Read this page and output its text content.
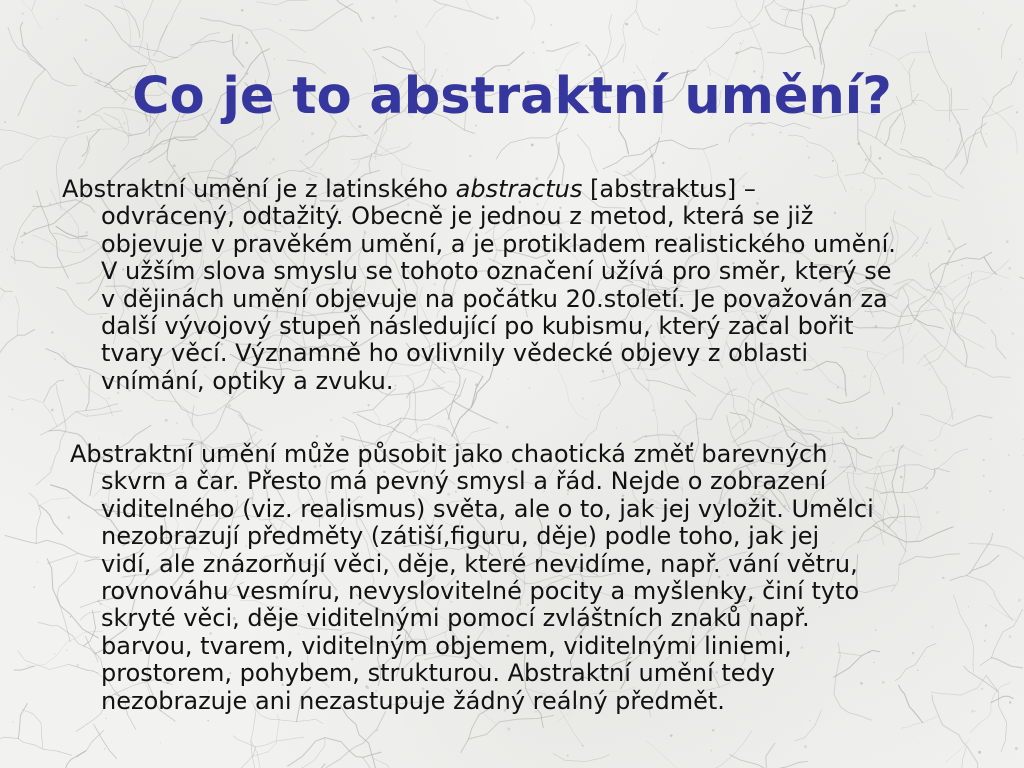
Co je to abstraktní umění?
Abstraktní umění je z latinského abstractus [abstraktus] –
odvrácený, odtažitý. Obecně je jednou z metod, která se již
objevuje v pravěkém umění, a je protikladem realistického umění.
V užším slova smyslu se tohoto označení užívá pro směr, který se
v dějinách umění objevuje na počátku 20.století. Je považován za
další vývojový stupeň následující po kubismu, který začal bořit
tvary věcí. Významně ho ovlivnily vědecké objevy z oblasti
vnímání, optiky a zvuku.
Abstraktní umění může působit jako chaotická změť barevných
skvrn a čar. Přesto má pevný smysl a řád. Nejde o zobrazení
viditelného (viz. realismus) světa, ale o to, jak jej vyložit. Umělci
nezobrazují předměty (zátiší,figuru, děje) podle toho, jak jej
vidí, ale znázorňují věci, děje, které nevidíme, např. vání větru,
rovnováhu vesmíru, nevyslovitelné pocity a myšlenky, činí tyto
skryté věci, děje viditelnými pomocí zvláštních znaků např.
barvou, tvarem, viditelným objemem, viditelnými liniemi,
prostorem, pohybem, strukturou. Abstraktní umění tedy
nezobrazuje ani nezastupuje žádný reálný předmět.
